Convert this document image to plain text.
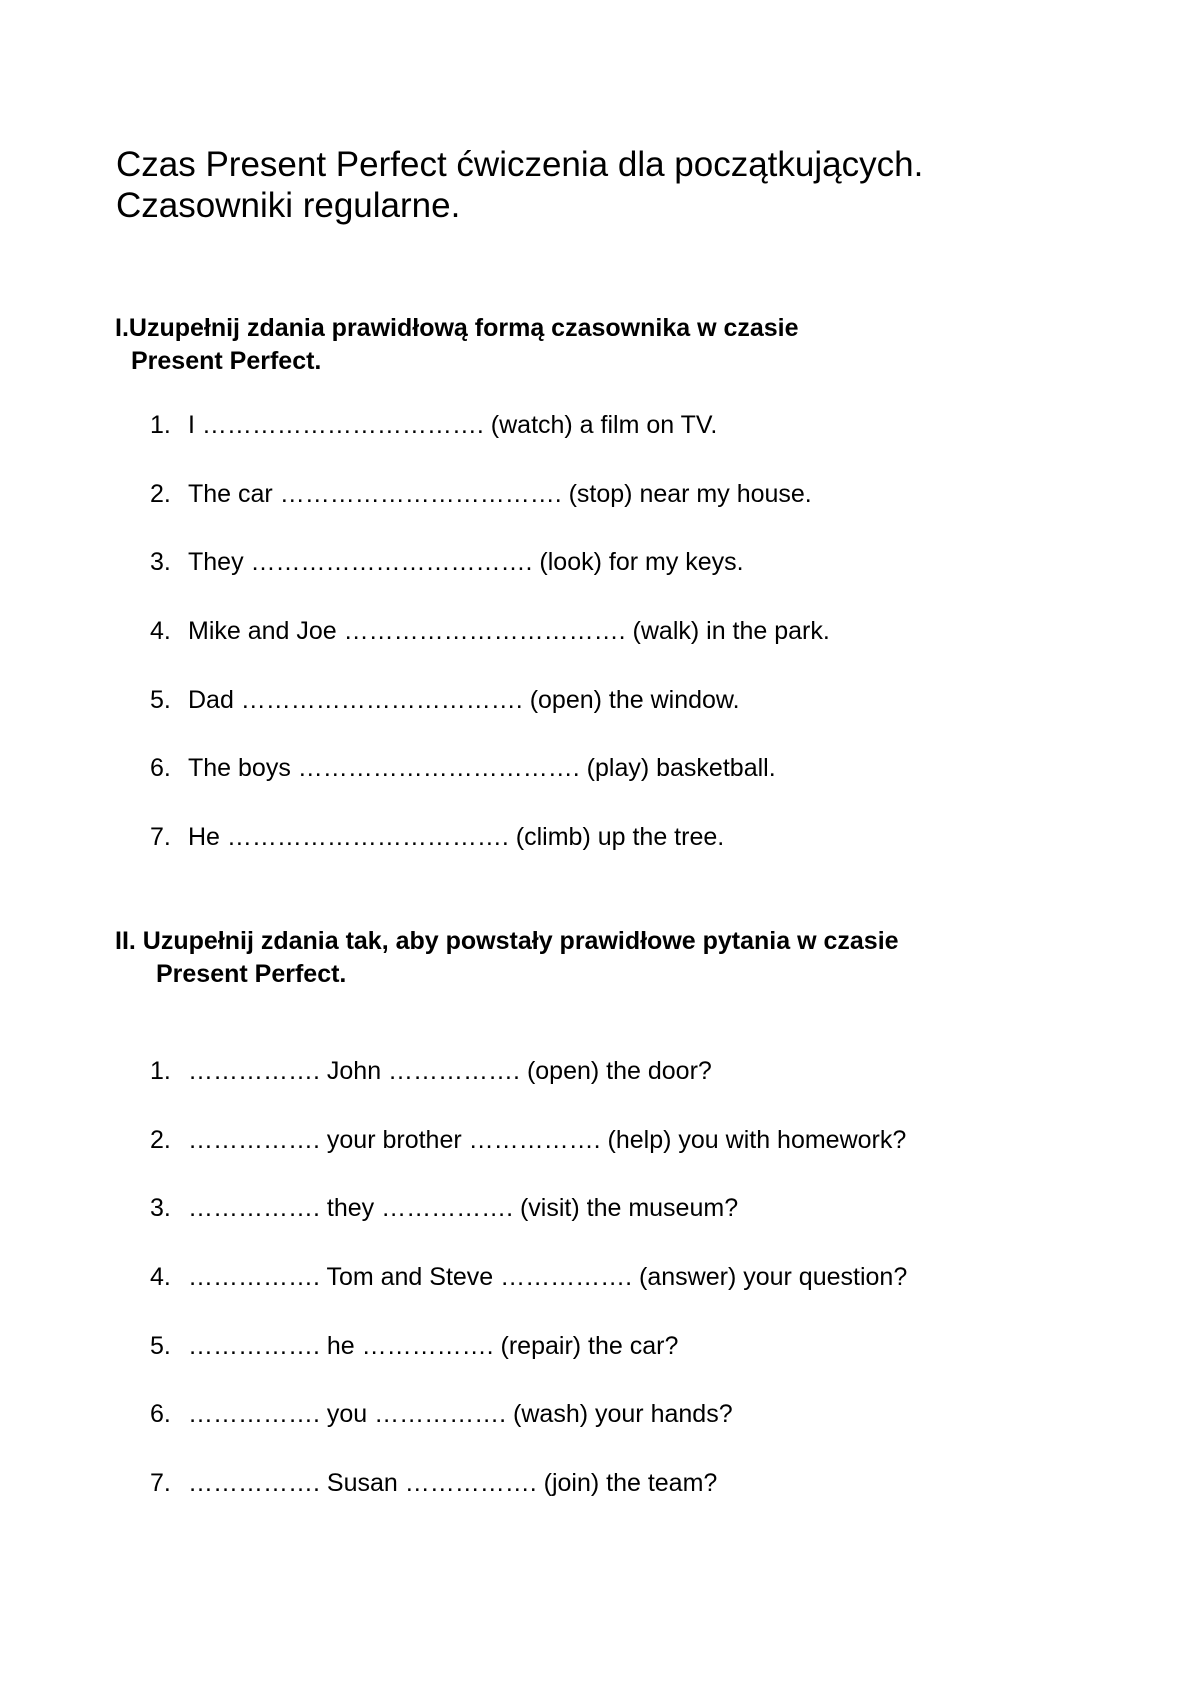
Czas Present Perfect ćwiczenia dla początkujących.
Czasowniki regularne.
I.Uzupełnij zdania prawidłową formą czasownika w czasie
Present Perfect.
1. I ……………………………. (watch) a film on TV.
2. The car ……………………………. (stop) near my house.
3. They ……………………………. (look) for my keys.
4. Mike and Joe ……………………………. (walk) in the park.
5. Dad ……………………………. (open) the window.
6. The boys ……………………………. (play) basketball.
7. He ……………………………. (climb) up the tree.
II. Uzupełnij zdania tak, aby powstały prawidłowe pytania w czasie
Present Perfect.
1. ……………. John ……………. (open) the door?
2. ……………. your brother ……………. (help) you with homework?
3. ……………. they ……………. (visit) the museum?
4. ……………. Tom and Steve ……………. (answer) your question?
5. ……………. he ……………. (repair) the car?
6. ……………. you ……………. (wash) your hands?
7. ……………. Susan ……………. (join) the team?
